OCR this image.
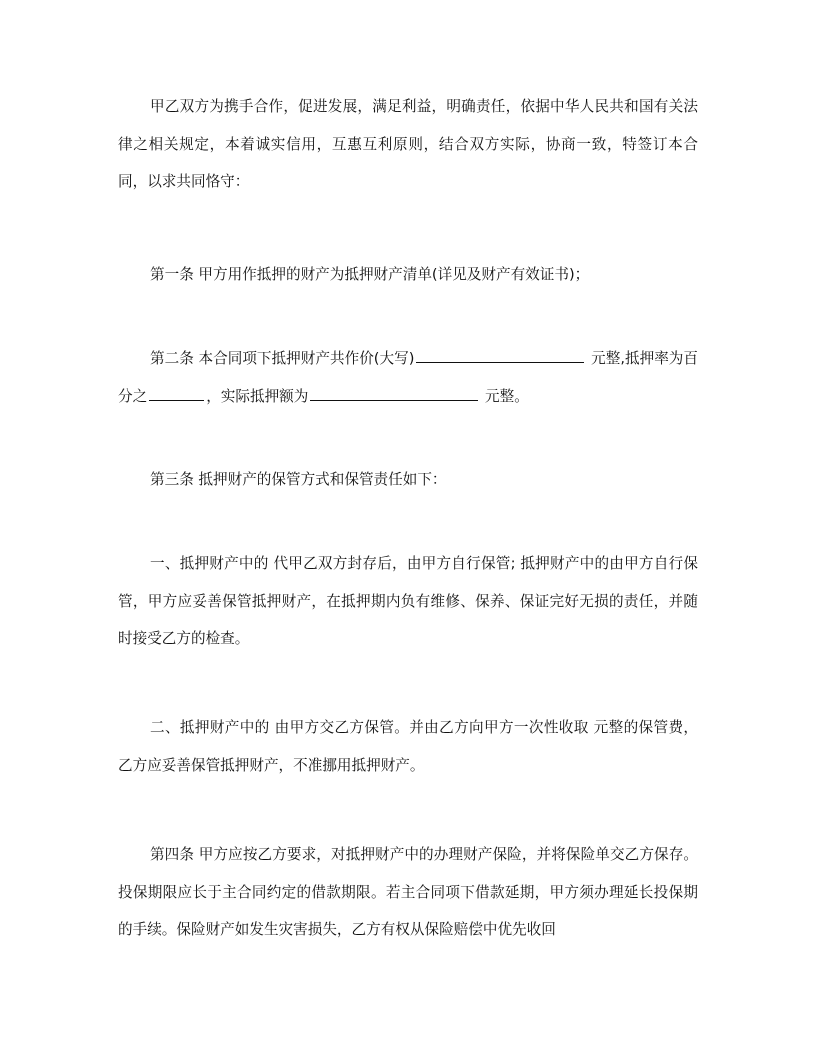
甲乙双方为携手合作，促进发展，满足利益，明确责任，依据中华人民共和国有关法律之相关规定，本着诚实信用，互惠互利原则，结合双方实际，协商一致，特签订本合同，以求共同恪守：

第一条 甲方用作抵押的财产为抵押财产清单(详见及财产有效证书)；

第二条 本合同项下抵押财产共作价(大写)	元整,抵押率为百分之	，实际抵押额为	元整。

第三条 抵押财产的保管方式和保管责任如下：

一、抵押财产中的 代甲乙双方封存后，由甲方自行保管; 抵押财产中的由甲方自行保管，甲方应妥善保管抵押财产，在抵押期内负有维修、保养、保证完好无损的责任，并随时接受乙方的检查。

二、抵押财产中的 由甲方交乙方保管。并由乙方向甲方一次性收取 元整的保管费，乙方应妥善保管抵押财产，不准挪用抵押财产。

第四条 甲方应按乙方要求，对抵押财产中的办理财产保险，并将保险单交乙方保存。投保期限应长于主合同约定的借款期限。若主合同项下借款延期，甲方须办理延长投保期的手续。保险财产如发生灾害损失，乙方有权从保险赔偿中优先收回
